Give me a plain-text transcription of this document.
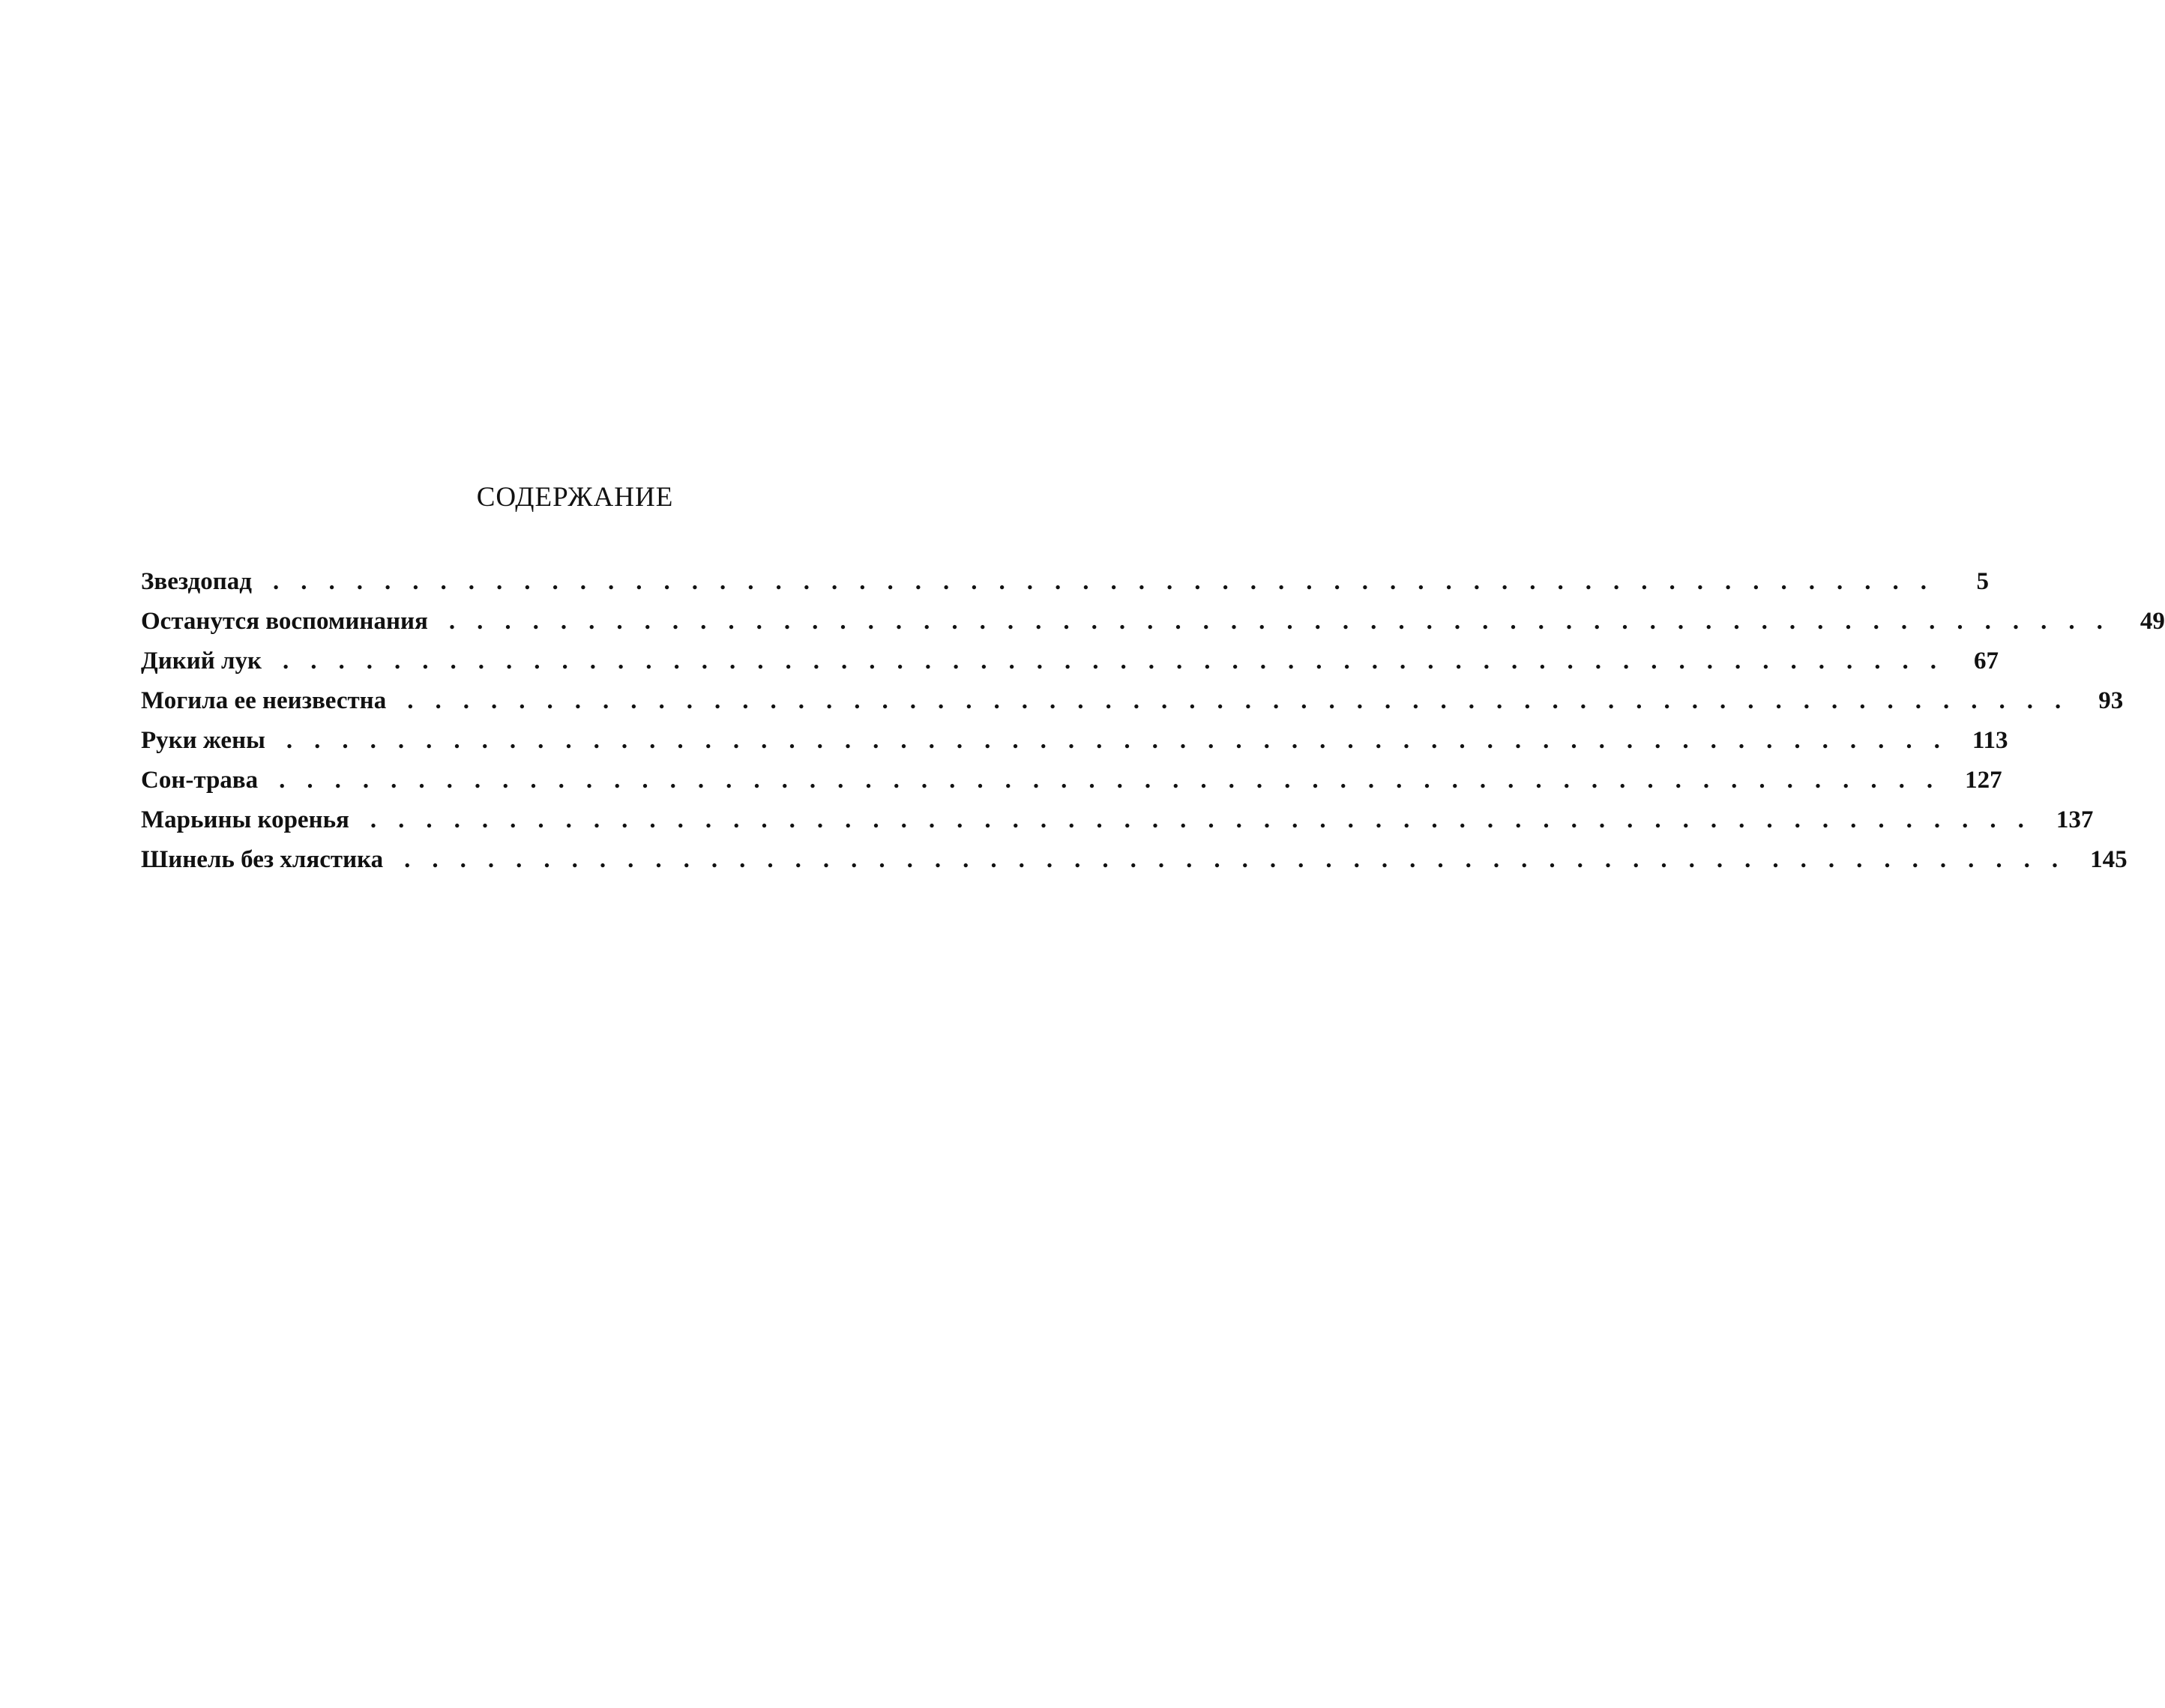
СОДЕРЖАНИЕ
Звездопад ............................................................	5
Останутся воспоминания ............................................................ 49
Дикий лук ............................................................ 67
Могила ее неизвестна ............................................................ 93
Руки жены ............................................................ 113
Сон-трава ............................................................ 127
Марьины коренья ............................................................ 137
Шинель без хлястика ............................................................ 145
